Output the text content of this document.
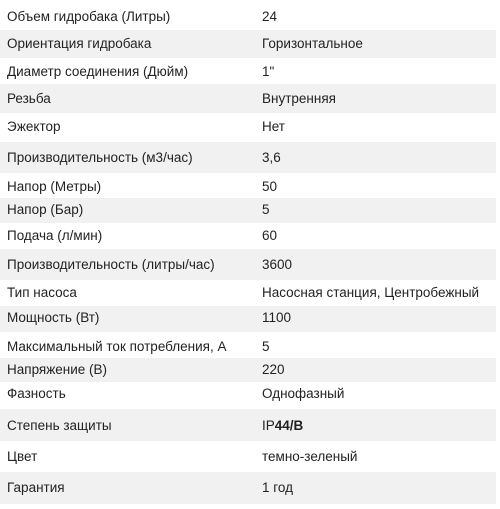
Объем гидробака (Литры)	24
Ориентация гидробака	Горизонтальное
Диаметр соединения (Дюйм)	1"
Резьба	Внутренняя
Эжектор	Нет
Производительность (м3/час)	3,6
Напор (Метры)	50
Напор (Бар)	5
Подача (л/мин)	60
Производительность (литры/час)	3600
Тип насоса	Насосная станция, Центробежный
Мощность (Вт)	1100
Максимальный ток потребления, А	5
Напряжение (В)	220
Фазность	Однофазный
Степень защиты	IP44/B
Цвет	темно-зеленый
Гарантия	1 год
